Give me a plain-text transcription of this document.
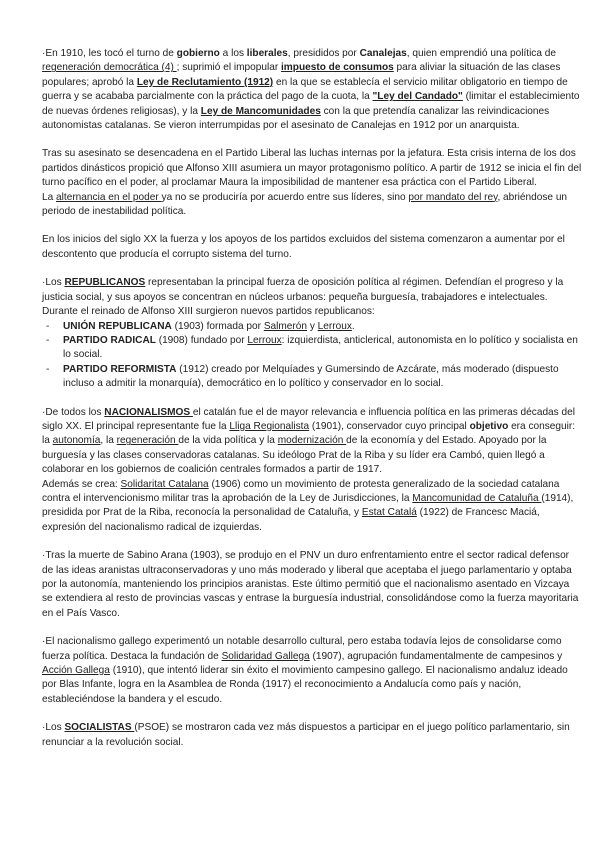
·En 1910, les tocó el turno de gobierno a los liberales, presididos por Canalejas, quien emprendió una política de regeneración democrática (4) ; suprimió el impopular impuesto de consumos para aliviar la situación de las clases populares; aprobó la Ley de Reclutamiento (1912) en la que se establecía el servicio militar obligatorio en tiempo de guerra y se acababa parcialmente con la práctica del pago de la cuota, la "Ley del Candado" (limitar el establecimiento de nuevas órdenes religiosas), y la Ley de Mancomunidades con la que pretendía canalizar las reivindicaciones autonomistas catalanas. Se vieron interrumpidas por el asesinato de Canalejas en 1912 por un anarquista.

Tras su asesinato se desencadena en el Partido Liberal las luchas internas por la jefatura. Esta crisis interna de los dos partidos dinásticos propició que Alfonso XIII asumiera un mayor protagonismo político. A partir de 1912 se inicia el fin del turno pacífico en el poder, al proclamar Maura la imposibilidad de mantener esa práctica con el Partido Liberal.
La alternancia en el poder ya no se produciría por acuerdo entre sus líderes, sino por mandato del rey, abriéndose un periodo de inestabilidad política.

En los inicios del siglo XX la fuerza y los apoyos de los partidos excluidos del sistema comenzaron a aumentar por el descontento que producía el corrupto sistema del turno.

·Los REPUBLICANOS representaban la principal fuerza de oposición política al régimen. Defendían el progreso y la justicia social, y sus apoyos se concentran en núcleos urbanos: pequeña burguesía, trabajadores e intelectuales.
Durante el reinado de Alfonso XIII surgieron nuevos partidos republicanos:

- UNIÓN REPUBLICANA (1903) formada por Salmerón y Lerroux.
- PARTIDO RADICAL (1908) fundado por Lerroux: izquierdista, anticlerical, autonomista en lo político y socialista en lo social.
- PARTIDO REFORMISTA (1912) creado por Melquíades y Gumersindo de Azcárate, más moderado (dispuesto incluso a admitir la monarquía), democrático en lo político y conservador en lo social.

·De todos los NACIONALISMOS el catalán fue el de mayor relevancia e influencia política en las primeras décadas del siglo XX. El principal representante fue la Lliga Regionalista (1901), conservador cuyo principal objetivo era conseguir: la autonomía, la regeneración de la vida política y la modernización de la economía y del Estado. Apoyado por la burguesía y las clases conservadoras catalanas. Su ideólogo Prat de la Riba y su líder era Cambó, quien llegó a colaborar en los gobiernos de coalición centrales formados a partir de 1917.
Además se crea: Solidaritat Catalana (1906) como un movimiento de protesta generalizado de la sociedad catalana contra el intervencionismo militar tras la aprobación de la Ley de Jurisdicciones, la Mancomunidad de Cataluña (1914), presidida por Prat de la Riba, reconocía la personalidad de Cataluña, y Estat Catalá (1922) de Francesc Maciá, expresión del nacionalismo radical de izquierdas.

·Tras la muerte de Sabino Arana (1903), se produjo en el PNV un duro enfrentamiento entre el sector radical defensor de las ideas aranistas ultraconservadoras y uno más moderado y liberal que aceptaba el juego parlamentario y optaba por la autonomía, manteniendo los principios aranistas. Este último permitió que el nacionalismo asentado en Vizcaya se extendiera al resto de provincias vascas y entrase la burguesía industrial, consolidándose como la fuerza mayoritaria en el País Vasco.

·El nacionalismo gallego experimentó un notable desarrollo cultural, pero estaba todavía lejos de consolidarse como fuerza política. Destaca la fundación de Solidaridad Gallega (1907), agrupación fundamentalmente de campesinos y Acción Gallega (1910), que intentó liderar sin éxito el movimiento campesino gallego. El nacionalismo andaluz ideado por Blas Infante, logra en la Asamblea de Ronda (1917) el reconocimiento a Andalucía como país y nación, estableciéndose la bandera y el escudo.

·Los SOCIALISTAS (PSOE) se mostraron cada vez más dispuestos a participar en el juego político parlamentario, sin renunciar a la revolución social.
